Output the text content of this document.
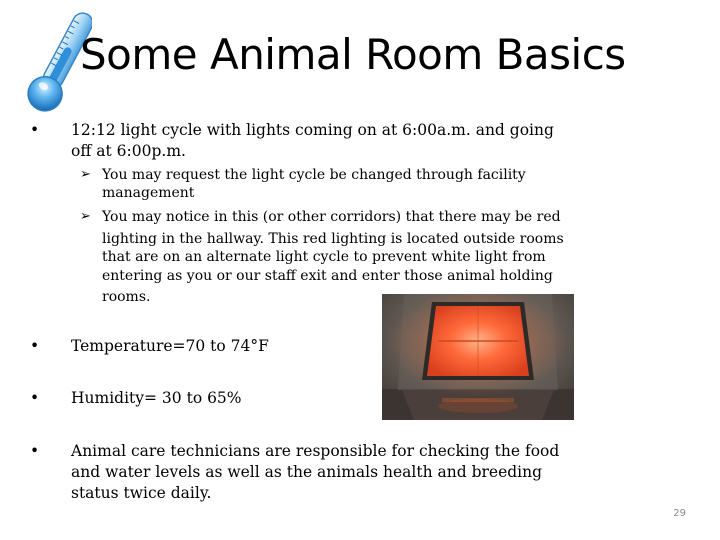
Some Animal Room Basics
•	12:12 light cycle with lights coming on at 6:00a.m. and going
off at 6:00p.m.
➢ You may request the light cycle be changed through facility
management
➢ You may notice in this (or other corridors) that there may be red
lighting in the hallway. This red lighting is located outside rooms
that are on an alternate light cycle to prevent white light from
entering as you or our staff exit and enter those animal holding
rooms.
•	Temperature=70 to 74°F
•	Humidity= 30 to 65%
•	Animal care technicians are responsible for checking the food
and water levels as well as the animals health and breeding
status twice daily.
29
